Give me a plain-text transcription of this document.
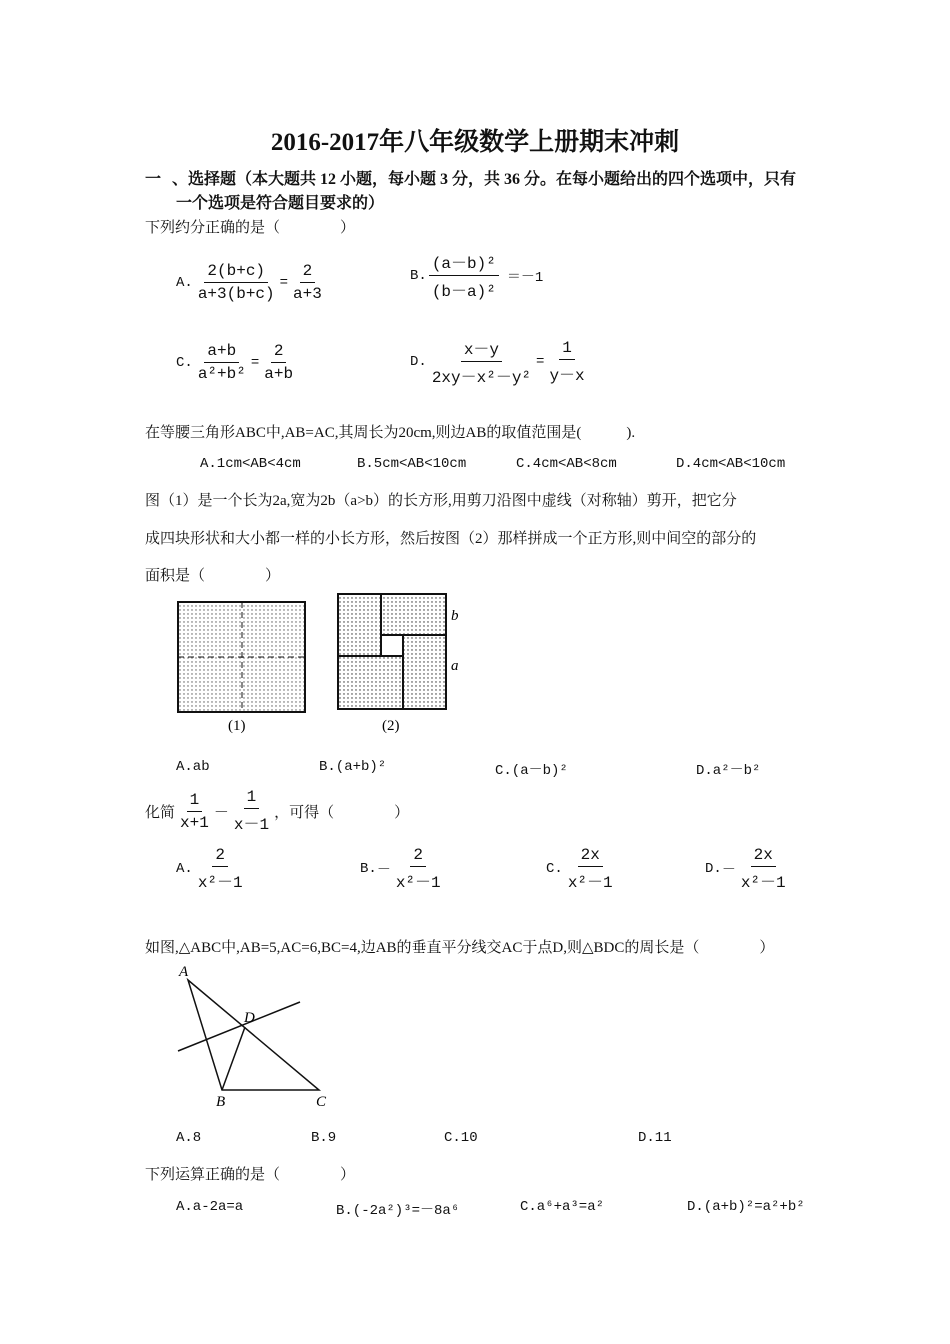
2016-2017年八年级数学上册期末冲刺
一 、选择题（本大题共 12 小题，每小题 3 分，共 36 分。在每小题给出的四个选项中，只有
一个选项是符合题目要求的）
下列约分正确的是（　　　　）
A. $\frac{2(b+c)}{a+3(b+c)} = \frac{2}{a+3}$	B. $\frac{\text{(a－b)²}}{\text{(b－a)²}} =-1$
C. $\frac{a+b}{\text{a²+b²}} = \frac{2}{a+b}$	D. $\frac{x-y}{\text{2xy－x²－y²}} = \frac{1}{y-x}$
在等腰三角形ABC中,AB=AC,其周长为20cm,则边AB的取值范围是(　　　).
A.1cm<AB<4cm	B.5cm<AB<10cm	C.4cm<AB<8cm	D.4cm<AB<10cm
图（1）是一个长为2a,宽为2b（a>b）的长方形,用剪刀沿图中虚线（对称轴）剪开，把它分
成四块形状和大小都一样的小长方形，然后按图（2）那样拼成一个正方形,则中间空的部分的
面积是（　　　　）
b
a
(1)	(2)
A.ab	B.(a+b)²	C.(a－b)²	D.a²－b²
化简 $\frac{1}{x+1} - \frac{1}{x-1}$ ，可得（　　　　）
A. $\frac{2}{\text{x²－1}}$	B. － $\frac{2}{\text{x²－1}}$	C. $\frac{2x}{\text{x²－1}}$	D. － $\frac{2x}{\text{x²－1}}$
如图,△ABC中,AB=5,AC=6,BC=4,边AB的垂直平分线交AC于点D,则△BDC的周长是（　　　　）
A
D
B	C
A.8	B.9	C.10	D.11
下列运算正确的是（　　　　）
A.a-2a=a	B.(-2a²)³=－8a⁶	C.a⁶+a³=a²	D.(a+b)²=a²+b²
